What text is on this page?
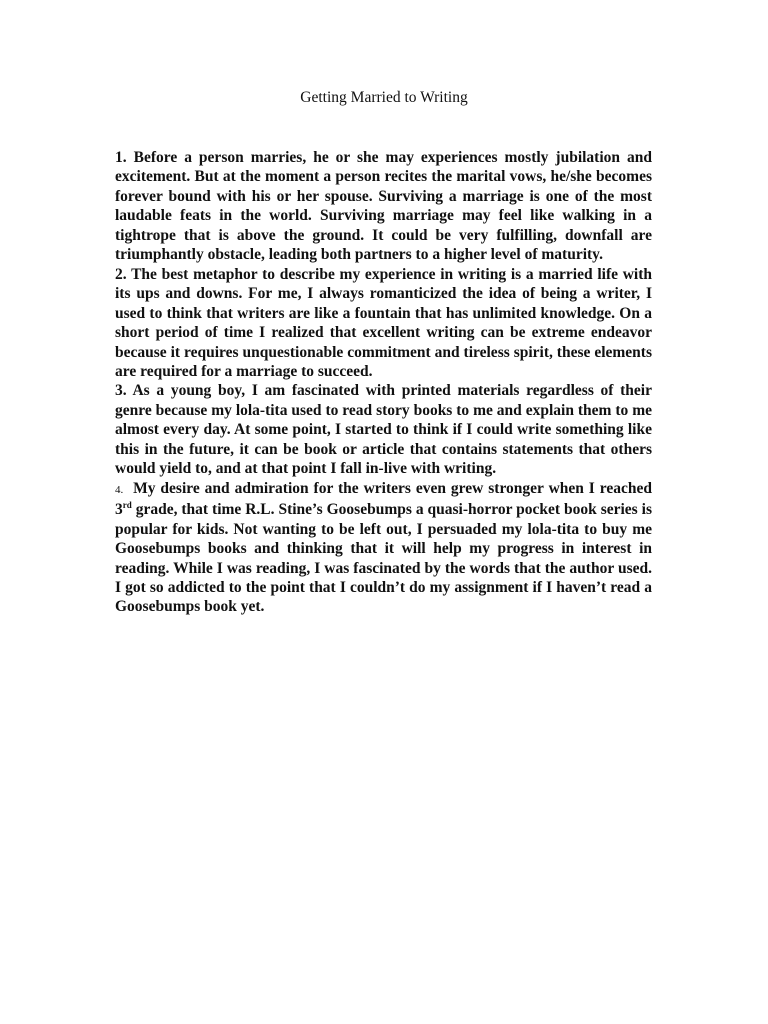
Getting Married to Writing

1. Before a person marries, he or she may experiences mostly jubilation and excitement. But at the moment a person recites the marital vows, he/she becomes forever bound with his or her spouse. Surviving a marriage is one of the most laudable feats in the world. Surviving marriage may feel like walking in a tightrope that is above the ground. It could be very fulfilling, downfall are triumphantly obstacle, leading both partners to a higher level of maturity.

2. The best metaphor to describe my experience in writing is a married life with its ups and downs. For me, I always romanticized the idea of being a writer, I used to think that writers are like a fountain that has unlimited knowledge. On a short period of time I realized that excellent writing can be extreme endeavor because it requires unquestionable commitment and tireless spirit, these elements are required for a marriage to succeed.

3. As a young boy, I am fascinated with printed materials regardless of their genre because my lola-tita used to read story books to me and explain them to me almost every day. At some point, I started to think if I could write something like this in the future, it can be book or article that contains statements that others would yield to, and at that point I fall in-live with writing.

4. My desire and admiration for the writers even grew stronger when I reached 3rd grade, that time R.L. Stine’s Goosebumps a quasi-horror pocket book series is popular for kids. Not wanting to be left out, I persuaded my lola-tita to buy me Goosebumps books and thinking that it will help my progress in interest in reading. While I was reading, I was fascinated by the words that the author used. I got so addicted to the point that I couldn’t do my assignment if I haven’t read a Goosebumps book yet.
